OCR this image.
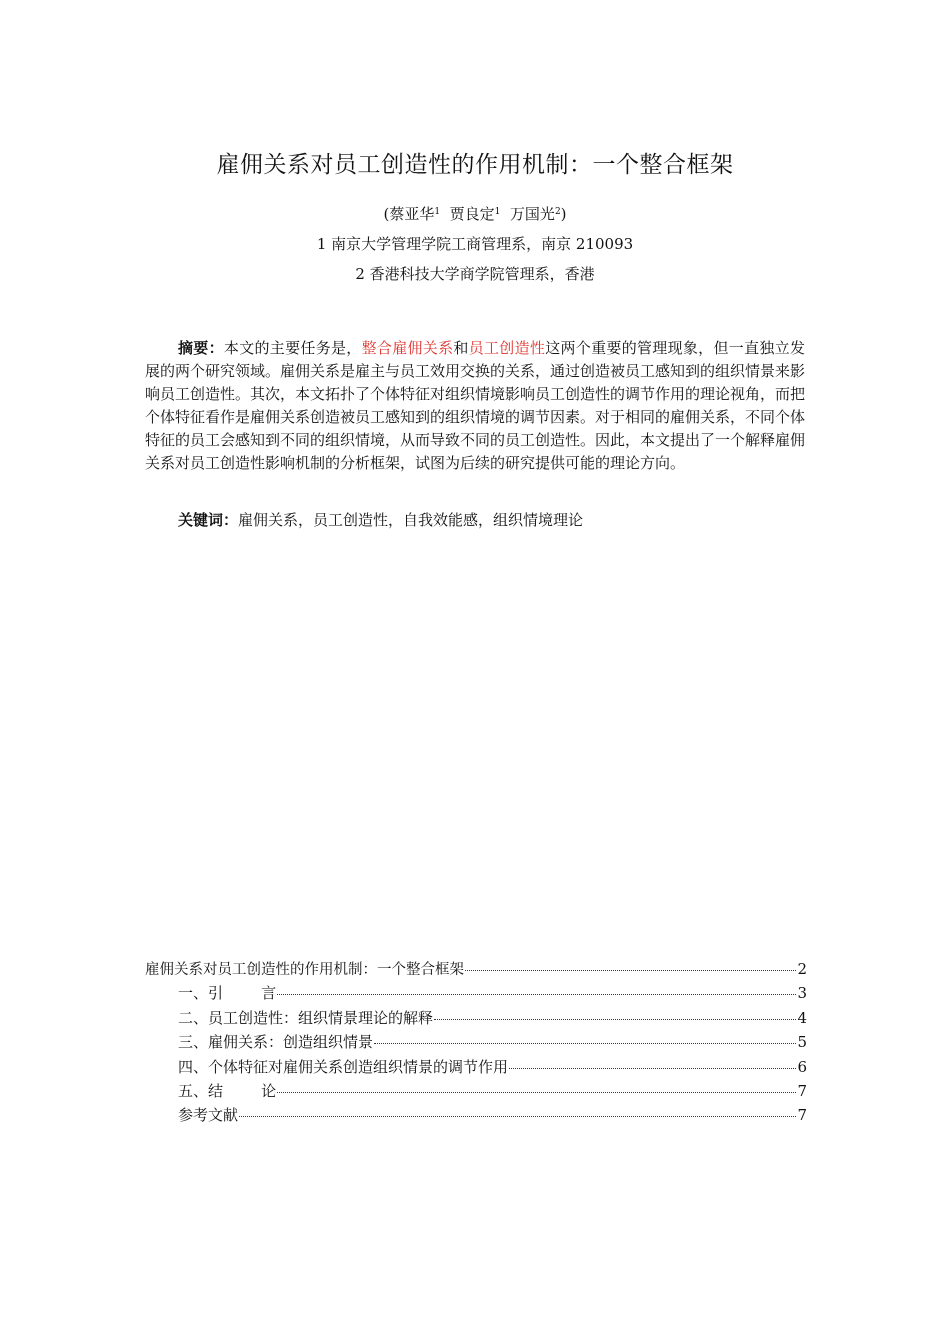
雇佣关系对员工创造性的作用机制：一个整合框架
(蔡亚华$^1$ 贾良定$^1$ 万国光$^2$)
1 南京大学管理学院工商管理系，南京 210093
2 香港科技大学商学院管理系，香港
摘要：本文的主要任务是，整合雇佣关系和员工创造性这两个重要的管理现象，但一直独立发展的两个研究领域。雇佣关系是雇主与员工效用交换的关系，通过创造被员工感知到的组织情景来影响员工创造性。其次，本文拓扑了个体特征对组织情境影响员工创造性的调节作用的理论视角，而把个体特征看作是雇佣关系创造被员工感知到的组织情境的调节因素。对于相同的雇佣关系，不同个体特征的员工会感知到不同的组织情境，从而导致不同的员工创造性。因此，本文提出了一个解释雇佣关系对员工创造性影响机制的分析框架，试图为后续的研究提供可能的理论方向。
关键词：雇佣关系，员工创造性，自我效能感，组织情境理论
雇佣关系对员工创造性的作用机制：一个整合框架	2
一、引        言	3
二、员工创造性：组织情景理论的解释	4
三、雇佣关系：创造组织情景	5
四、个体特征对雇佣关系创造组织情景的调节作用	6
五、结        论	7
参考文献	7
